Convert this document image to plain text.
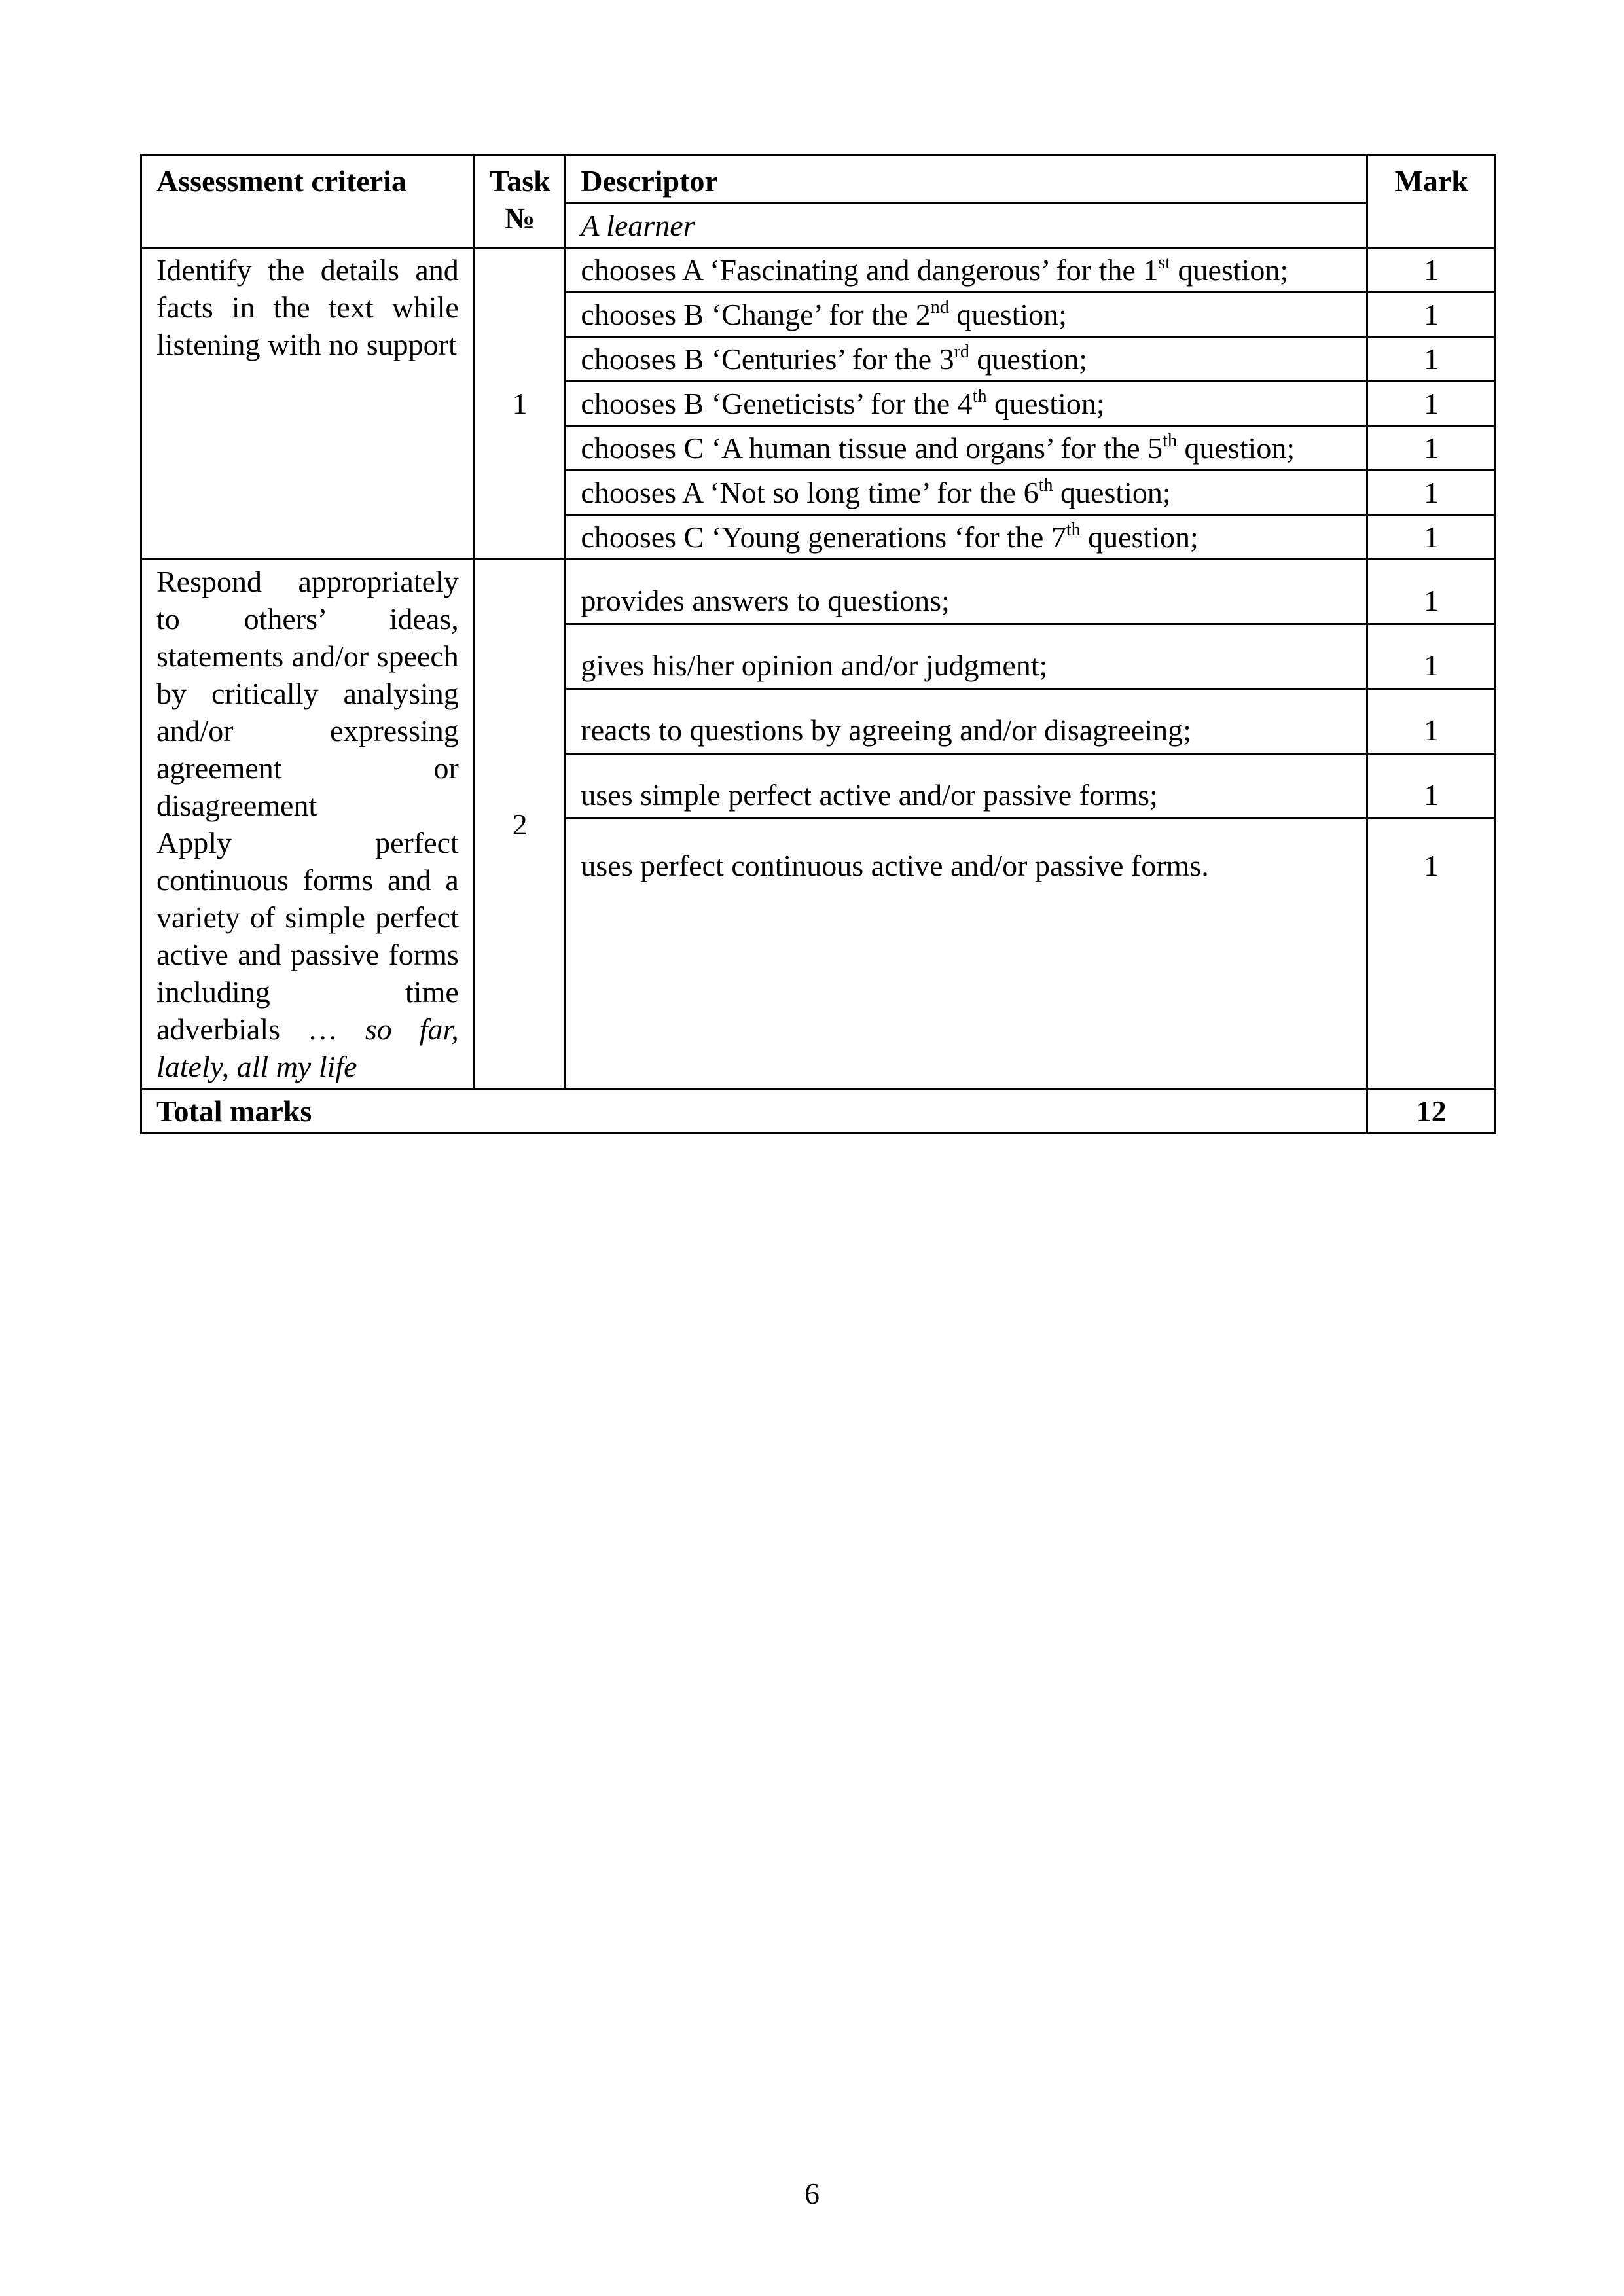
Assessment criteria	Task №	Descriptor	Mark
		A learner	

Identify the details and facts in the text while listening with no support	1	chooses A ‘Fascinating and dangerous’ for the 1st question;	1
		chooses B ‘Change’ for the 2nd question;	1
		chooses B ‘Centuries’ for the 3rd question;	1
		chooses B ‘Geneticists’ for the 4th question;	1
		chooses C ‘A human tissue and organs’ for the 5th question;	1
		chooses A ‘Not so long time’ for the 6th question;	1
		chooses C ‘Young generations ‘for the 7th question;	1

Respond appropriately to others’ ideas, statements and/or speech by critically analysing and/or expressing agreement or disagreement
Apply perfect continuous forms and a variety of simple perfect active and passive forms including time adverbials … so far, lately, all my life	2	provides answers to questions;	1
		gives his/her opinion and/or judgment;	1
		reacts to questions by agreeing and/or disagreeing;	1
		uses simple perfect active and/or passive forms;	1
		uses perfect continuous active and/or passive forms.	1
Total marks			12
6
